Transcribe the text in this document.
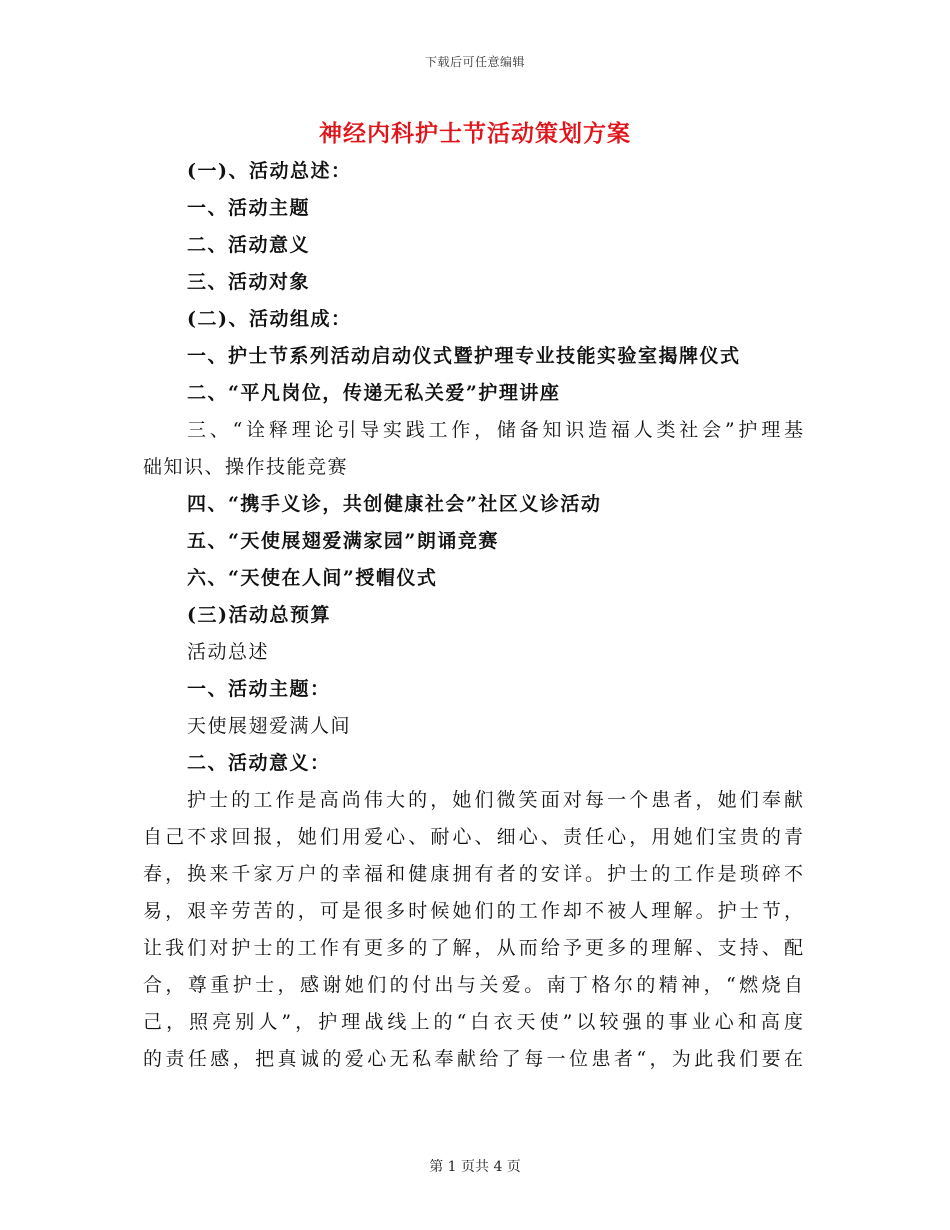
下载后可任意编辑
神经内科护士节活动策划方案
(一)、活动总述：
一、活动主题
二、活动意义
三、活动对象
(二)、活动组成：
一、护士节系列活动启动仪式暨护理专业技能实验室揭牌仪式
二、“平凡岗位，传递无私关爱”护理讲座
三、“诠释理论引导实践工作，储备知识造福人类社会”护理基
础知识、操作技能竞赛
四、“携手义诊，共创健康社会”社区义诊活动
五、“天使展翅爱满家园”朗诵竞赛
六、“天使在人间”授帽仪式
(三)活动总预算
活动总述
一、活动主题：
天使展翅爱满人间
二、活动意义：
护士的工作是高尚伟大的，她们微笑面对每一个患者，她们奉献
自己不求回报，她们用爱心、耐心、细心、责任心，用她们宝贵的青
春，换来千家万户的幸福和健康拥有者的安详。护士的工作是琐碎不
易，艰辛劳苦的，可是很多时候她们的工作却不被人理解。护士节，
让我们对护士的工作有更多的了解，从而给予更多的理解、支持、配
合，尊重护士，感谢她们的付出与关爱。南丁格尔的精神，“燃烧自
己，照亮别人”，护理战线上的“白衣天使”以较强的事业心和高度
的责任感，把真诚的爱心无私奉献给了每一位患者“，为此我们要在
第 1 页共 4 页
